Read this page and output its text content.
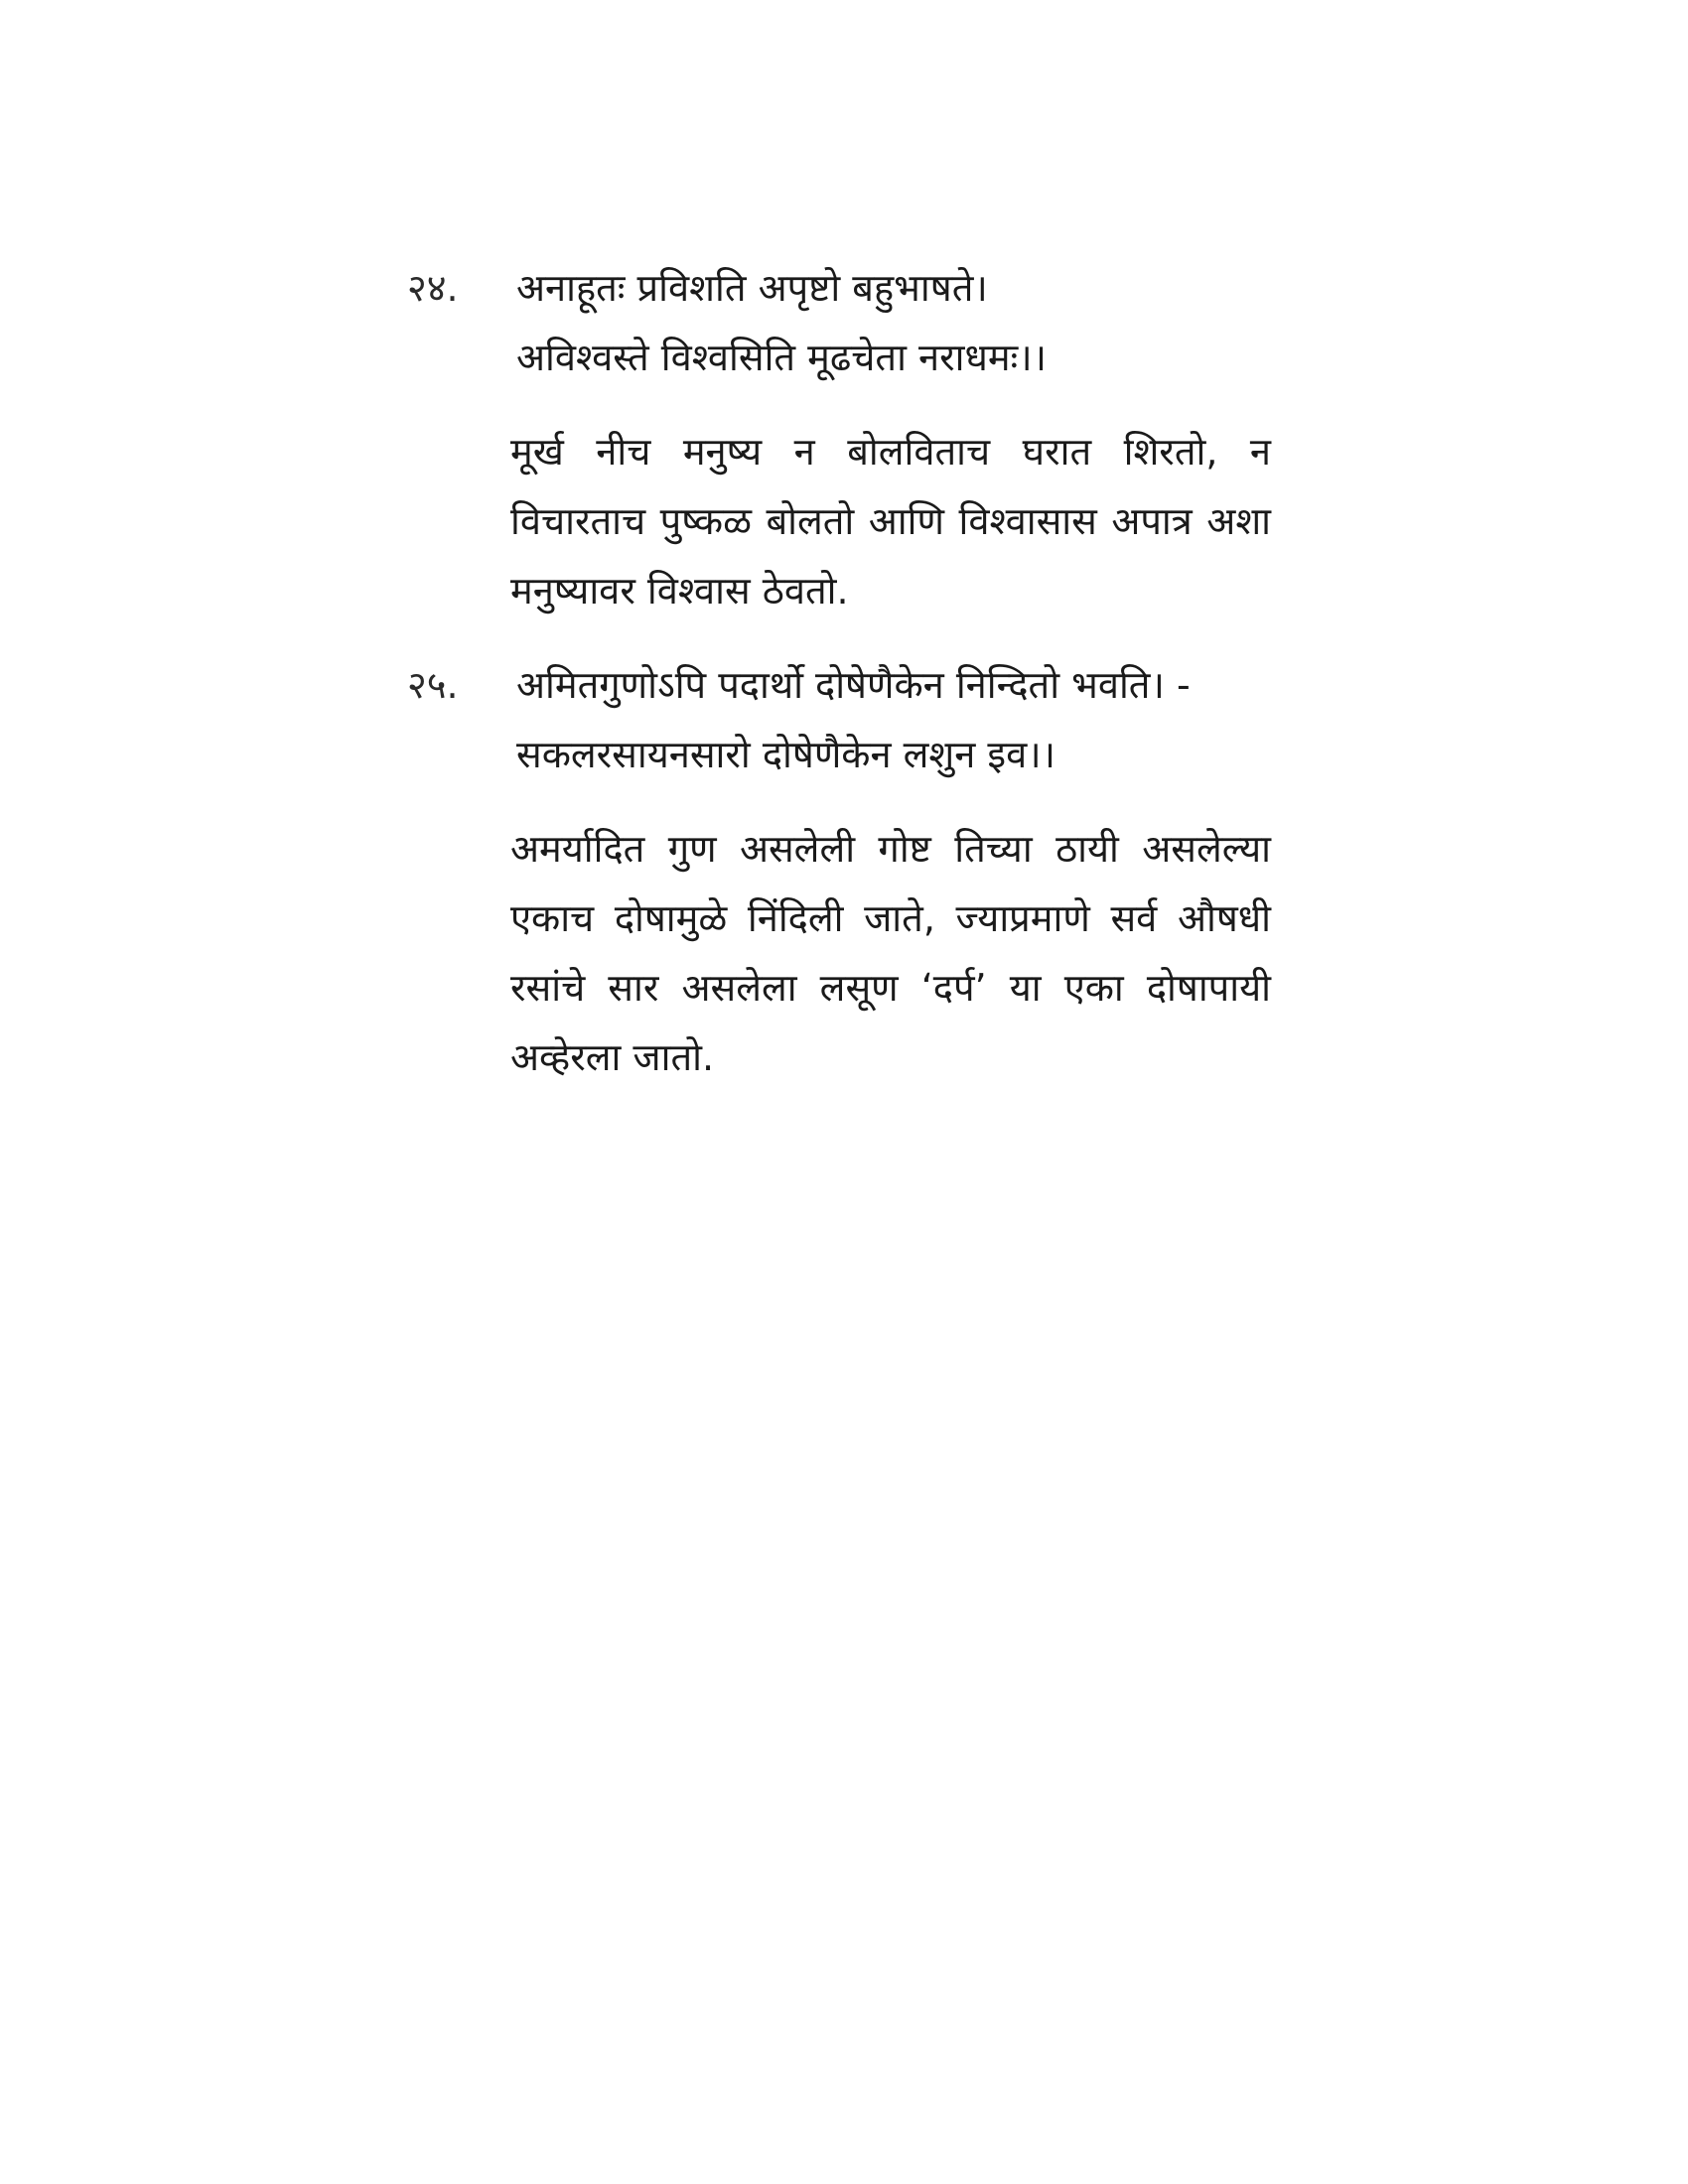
२४.	अनाहूतः प्रविशति अपृष्टो बहुभाषते।
अविश्वस्ते विश्वसिति मूढचेता नराधमः।।
मूर्ख नीच मनुष्य न बोलविताच घरात शिरतो, न विचारताच पुष्कळ बोलतो आणि विश्वासास अपात्र अशा मनुष्यावर विश्वास ठेवतो.
२५.	अमितगुणोऽपि पदार्थो दोषेणैकेन निन्दितो भवति। -
सकलरसायनसारो दोषेणैकेन लशुन इव।।
अमर्यादित गुण असलेली गोष्ट तिच्या ठायी असलेल्या एकाच दोषामुळे निंदिली जाते, ज्याप्रमाणे सर्व औषधी रसांचे सार असलेला लसूण ‘दर्प’ या एका दोषापायी अव्हेरला जातो.
